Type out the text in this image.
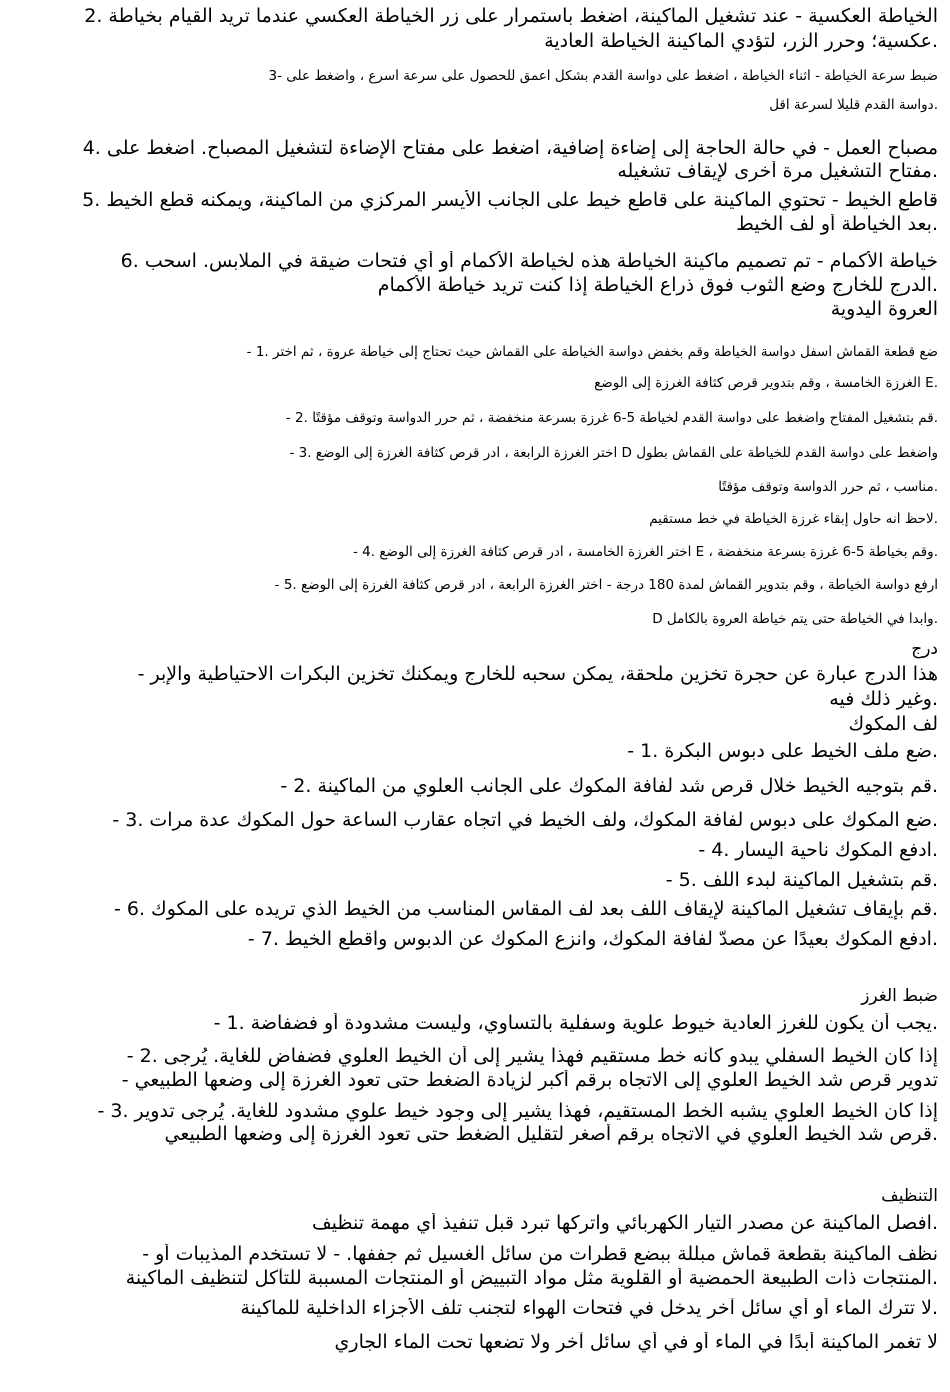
الخياطة العكسية - عند تشغيل الماكينة، اضغط باستمرار على زر الخياطة العكسي عندما تريد القيام بخياطة .2
.عكسية؛ وحرر الزر، لتؤدي الماكينة الخياطة العادية
ضبط سرعة الخياطة - أثناء الخياطة ، اضغط على دواسة القدم بشكل أعمق للحصول على سرعة أسرع ، واضغط على -3
.دواسة القدم قليلا لسرعة أقل
مصباح العمل - في حالة الحاجة إلى إضاءة إضافية، اضغط على مفتاح الإضاءة لتشغيل المصباح. اضغط على .4
.مفتاح التشغيل مرة أخرى لإيقاف تشغيله
قاطع الخيط - تحتوي الماكينة على قاطع خيط على الجانب الأيسر المركزي من الماكينة، ويمكنه قطع الخيط .5
.بعد الخياطة أو لف الخيط
خياطة الأكمام - تم تصميم ماكينة الخياطة هذه لخياطة الأكمام أو أي فتحات ضيقة في الملابس. اسحب .6
.الدرج للخارج وضع الثوب فوق ذراع الخياطة إذا كنت تريد خياطة الأكمام
العروة اليدوية
ضع قطعة القماش أسفل دواسة الخياطة وقم بخفض دواسة الخياطة على القماش حيث تحتاج إلى خياطة عروة ، ثم اختر .1 -
.E الغرزة الخامسة ، وقم بتدوير قرص كثافة الغرزة إلى الوضع
.قم بتشغيل المفتاح واضغط على دواسة القدم لخياطة 5-6 غرزة بسرعة منخفضة ، ثم حرر الدواسة وتوقف مؤقتًا .2 -
واضغط على دواسة القدم للخياطة على القماش بطول D اختر الغرزة الرابعة ، أدر قرص كثافة الغرزة إلى الوضع .3 -
.مناسب ، ثم حرر الدواسة وتوقف مؤقتًا
.لاحظ أنه حاول إبقاء غرزة الخياطة في خط مستقيم
.وقم بخياطة 5-6 غرزة بسرعة منخفضة ، E اختر الغرزة الخامسة ، أدر قرص كثافة الغرزة إلى الوضع .4 -
ارفع دواسة الخياطة ، وقم بتدوير القماش لمدة 180 درجة - اختر الغرزة الرابعة ، أدر قرص كثافة الغرزة إلى الوضع .5 -
.وابدأ في الخياطة حتى يتم خياطة العروة بالكامل D
درج
هذا الدرج عبارة عن حجرة تخزين ملحقة، يمكن سحبه للخارج ويمكنك تخزين البكرات الاحتياطية والإبر -
.وغير ذلك فيه
لف المكوك
.ضع ملف الخيط على دبوس البكرة .1 -
.قم بتوجيه الخيط خلال قرص شد لفافة المكوك على الجانب العلوي من الماكينة .2 -
.ضع المكوك على دبوس لفافة المكوك، ولف الخيط في اتجاه عقارب الساعة حول المكوك عدة مرات .3 -
.ادفع المكوك ناحية اليسار .4 -
.قم بتشغيل الماكينة لبدء اللف .5 -
.قم بإيقاف تشغيل الماكينة لإيقاف اللف بعد لف المقاس المناسب من الخيط الذي تريده على المكوك .6 -
.ادفع المكوك بعيدًا عن مصدّ لفافة المكوك، وانزع المكوك عن الدبوس واقطع الخيط .7 -
ضبط الغرز
.يجب أن يكون للغرز العادية خيوط علوية وسفلية بالتساوي، وليست مشدودة أو فضفاضة .1 -
إذا كان الخيط السفلي يبدو كأنه خط مستقيم فهذا يشير إلى أن الخيط العلوي فضفاض للغاية. يُرجى .2 -
تدوير قرص شد الخيط العلوي إلى الاتجاه برقم أكبر لزيادة الضغط حتى تعود الغرزة إلى وضعها الطبيعي -
إذا كان الخيط العلوي يشبه الخط المستقيم، فهذا يشير إلى وجود خيط علوي مشدود للغاية. يُرجى تدوير .3 -
.قرص شد الخيط العلوي في الاتجاه برقم أصغر لتقليل الضغط حتى تعود الغرزة إلى وضعها الطبيعي
التنظيف
.افصل الماكينة عن مصدر التيار الكهربائي واتركها تبرد قبل تنفيذ أي مهمة تنظيف
نظف الماكينة بقطعة قماش مبللة ببضع قطرات من سائل الغسيل ثم جففها. - لا تستخدم المذيبات أو -
.المنتجات ذات الطبيعة الحمضية أو القلوية مثل مواد التبييض أو المنتجات المسببة للتآكل لتنظيف الماكينة
.لا تترك الماء أو أي سائل آخر يدخل في فتحات الهواء لتجنب تلف الأجزاء الداخلية للماكينة
لا تغمر الماكينة أبدًا في الماء أو في أي سائل آخر ولا تضعها تحت الماء الجاري
